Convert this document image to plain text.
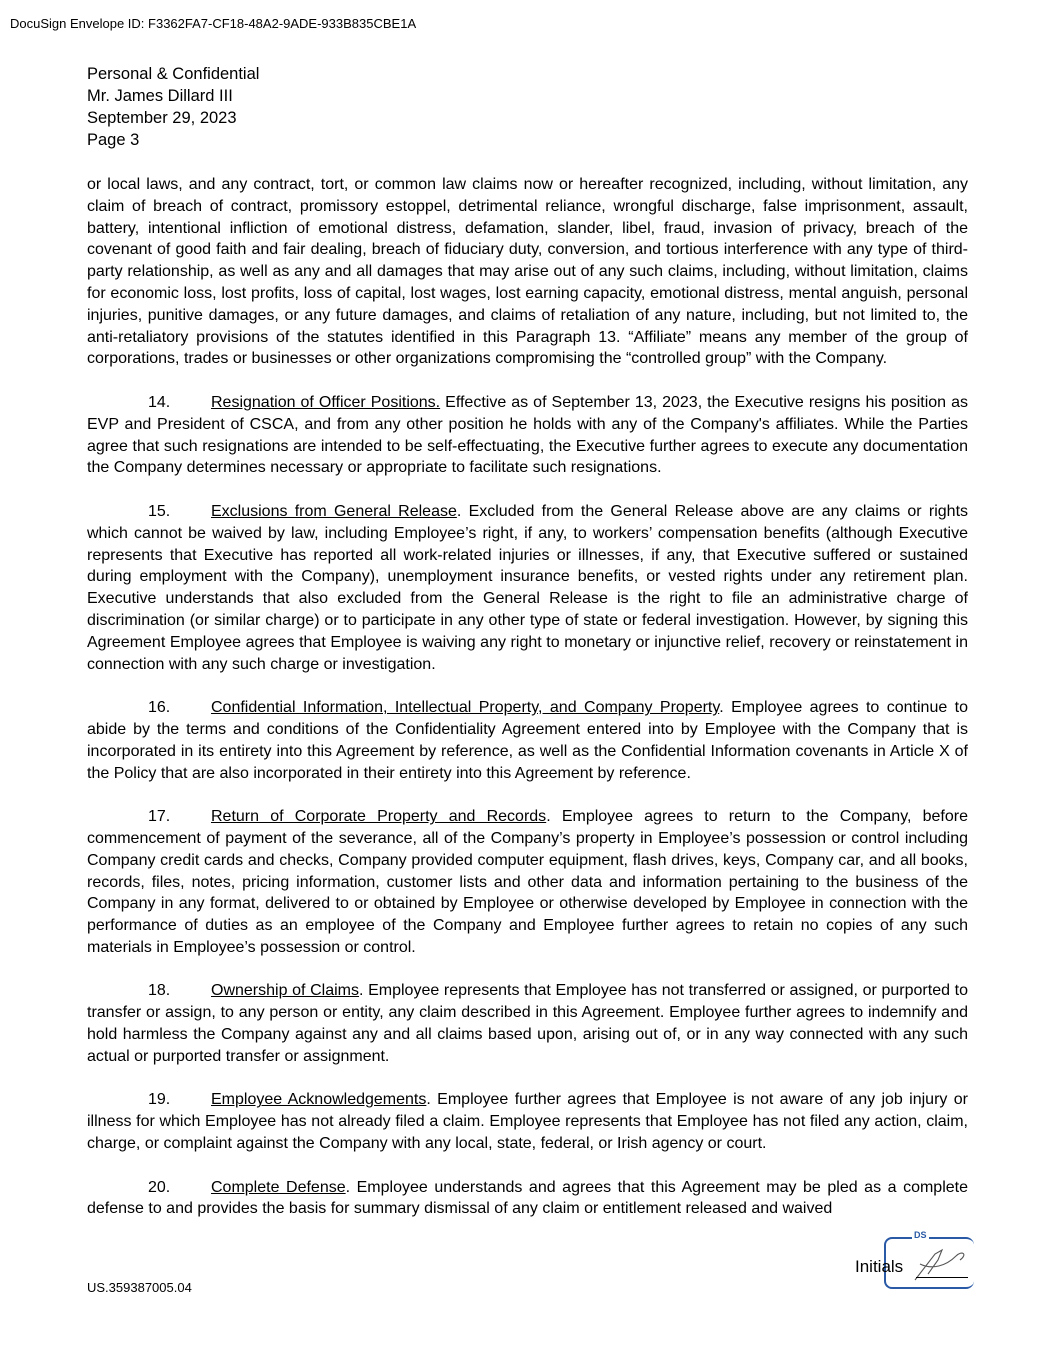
DocuSign Envelope ID: F3362FA7-CF18-48A2-9ADE-933B835CBE1A
Personal & Confidential
Mr. James Dillard III
September 29, 2023
Page 3

or local laws, and any contract, tort, or common law claims now or hereafter recognized, including, without limitation, any claim of breach of contract, promissory estoppel, detrimental reliance, wrongful discharge, false imprisonment, assault, battery, intentional infliction of emotional distress, defamation, slander, libel, fraud, invasion of privacy, breach of the covenant of good faith and fair dealing, breach of fiduciary duty, conversion, and tortious interference with any type of third-party relationship, as well as any and all damages that may arise out of any such claims, including, without limitation, claims for economic loss, lost profits, loss of capital, lost wages, lost earning capacity, emotional distress, mental anguish, personal injuries, punitive damages, or any future damages, and claims of retaliation of any nature, including, but not limited to, the anti-retaliatory provisions of the statutes identified in this Paragraph 13. “Affiliate” means any member of the group of corporations, trades or businesses or other organizations compromising the “controlled group” with the Company.

14.	Resignation of Officer Positions. Effective as of September 13, 2023, the Executive resigns his position as EVP and President of CSCA, and from any other position he holds with any of the Company's affiliates. While the Parties agree that such resignations are intended to be self-effectuating, the Executive further agrees to execute any documentation the Company determines necessary or appropriate to facilitate such resignations.

15.	Exclusions from General Release. Excluded from the General Release above are any claims or rights which cannot be waived by law, including Employee’s right, if any, to workers’ compensation benefits (although Executive represents that Executive has reported all work-related injuries or illnesses, if any, that Executive suffered or sustained during employment with the Company), unemployment insurance benefits, or vested rights under any retirement plan. Executive understands that also excluded from the General Release is the right to file an administrative charge of discrimination (or similar charge) or to participate in any other type of state or federal investigation. However, by signing this Agreement Employee agrees that Employee is waiving any right to monetary or injunctive relief, recovery or reinstatement in connection with any such charge or investigation.

16.	Confidential Information, Intellectual Property, and Company Property. Employee agrees to continue to abide by the terms and conditions of the Confidentiality Agreement entered into by Employee with the Company that is incorporated in its entirety into this Agreement by reference, as well as the Confidential Information covenants in Article X of the Policy that are also incorporated in their entirety into this Agreement by reference.

17.	Return of Corporate Property and Records. Employee agrees to return to the Company, before commencement of payment of the severance, all of the Company’s property in Employee’s possession or control including Company credit cards and checks, Company provided computer equipment, flash drives, keys, Company car, and all books, records, files, notes, pricing information, customer lists and other data and information pertaining to the business of the Company in any format, delivered to or obtained by Employee or otherwise developed by Employee in connection with the performance of duties as an employee of the Company and Employee further agrees to retain no copies of any such materials in Employee’s possession or control.

18.	Ownership of Claims. Employee represents that Employee has not transferred or assigned, or purported to transfer or assign, to any person or entity, any claim described in this Agreement. Employee further agrees to indemnify and hold harmless the Company against any and all claims based upon, arising out of, or in any way connected with any such actual or purported transfer or assignment.

19.	Employee Acknowledgements. Employee further agrees that Employee is not aware of any job injury or illness for which Employee has not already filed a claim. Employee represents that Employee has not filed any action, claim, charge, or complaint against the Company with any local, state, federal, or Irish agency or court.

20.	Complete Defense. Employee understands and agrees that this Agreement may be pled as a complete defense to and provides the basis for summary dismissal of any claim or entitlement released and waived

DS
Initials
US.359387005.04
